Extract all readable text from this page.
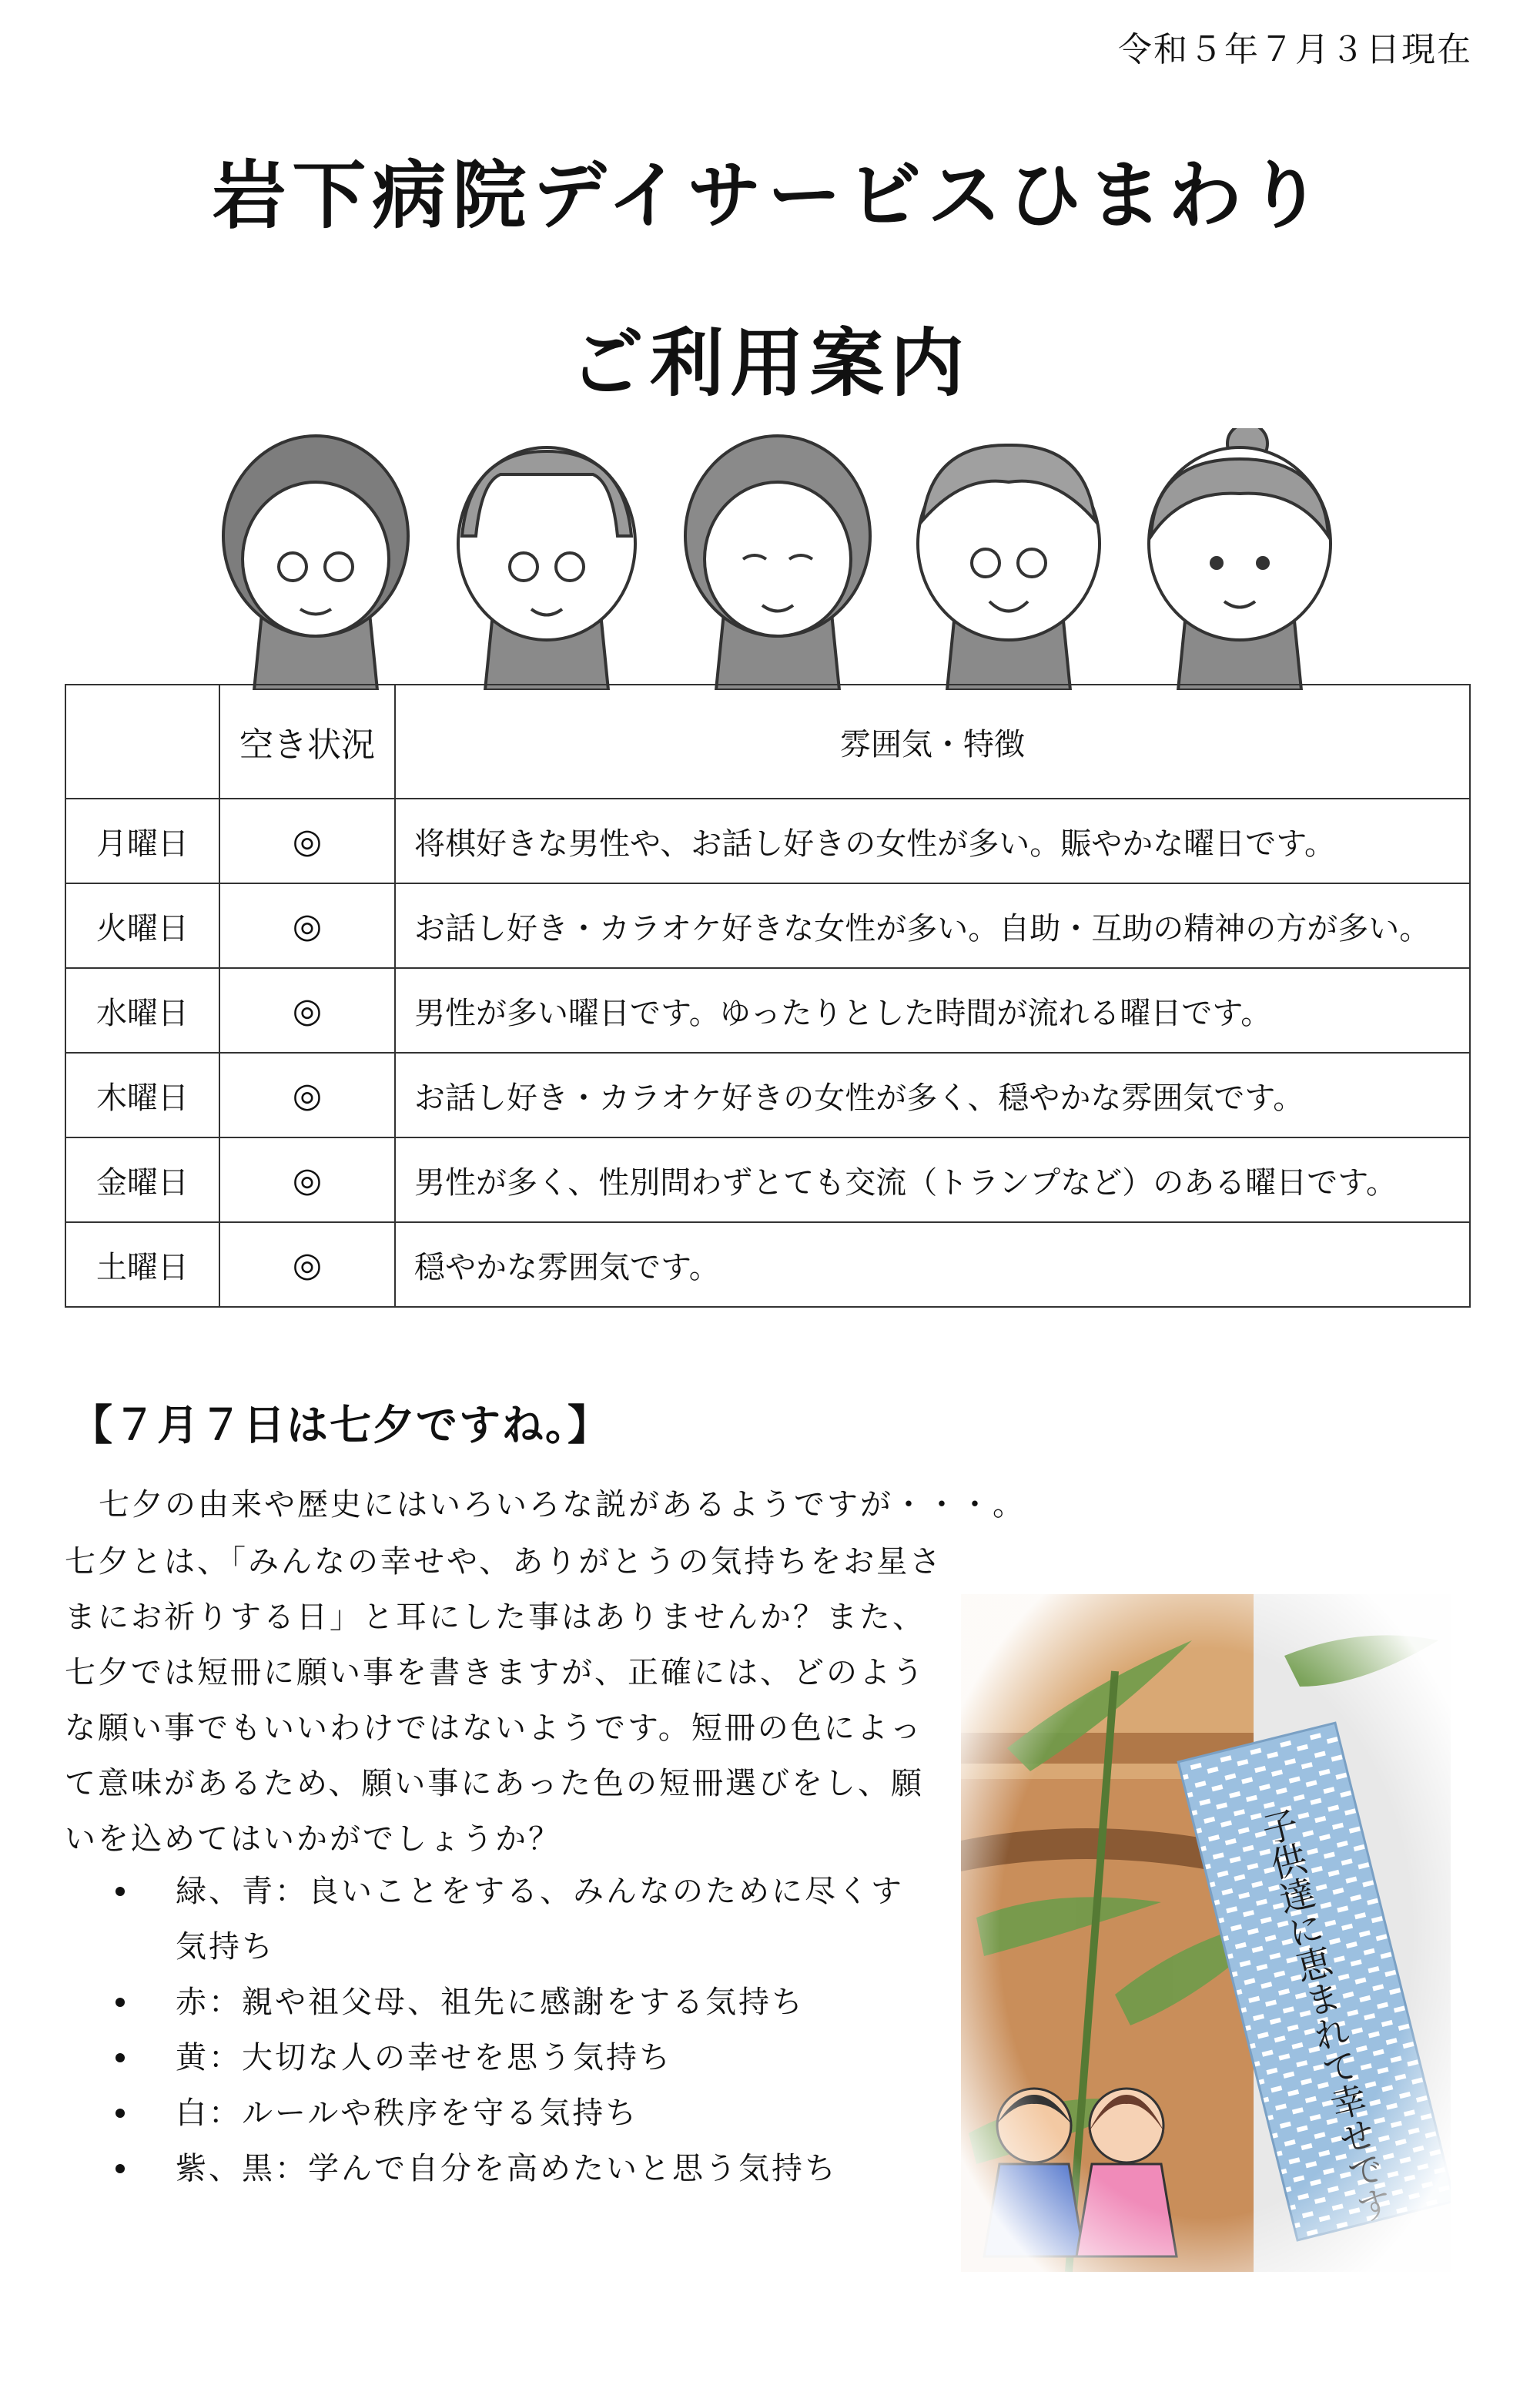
令和５年７月３日現在
岩下病院デイサービスひまわり
ご利用案内
	空き状況	雰囲気・特徴
月曜日	◎	将棋好きな男性や、お話し好きの女性が多い。賑やかな曜日です。
火曜日	◎	お話し好き・カラオケ好きな女性が多い。自助・互助の精神の方が多い。
水曜日	◎	男性が多い曜日です。ゆったりとした時間が流れる曜日です。
木曜日	◎	お話し好き・カラオケ好きの女性が多く、穏やかな雰囲気です。
金曜日	◎	男性が多く、性別問わずとても交流（トランプなど）のある曜日です。
土曜日	◎	穏やかな雰囲気です。
【７月７日は七夕ですね。】
七夕の由来や歴史にはいろいろな説があるようですが・・・。
七夕とは、「みんなの幸せや、ありがとうの気持ちをお星さ
まにお祈りする日」と耳にした事はありませんか？また、
七夕では短冊に願い事を書きますが、正確には、どのよう
な願い事でもいいわけではないようです。短冊の色によっ
て意味があるため、願い事にあった色の短冊選びをし、願
いを込めてはいかがでしょうか？
緑、青：良いことをする、みんなのために尽くす
気持ち
赤：親や祖父母、祖先に感謝をする気持ち
黄：大切な人の幸せを思う気持ち
白：ルールや秩序を守る気持ち
紫、黒：学んで自分を高めたいと思う気持ち
